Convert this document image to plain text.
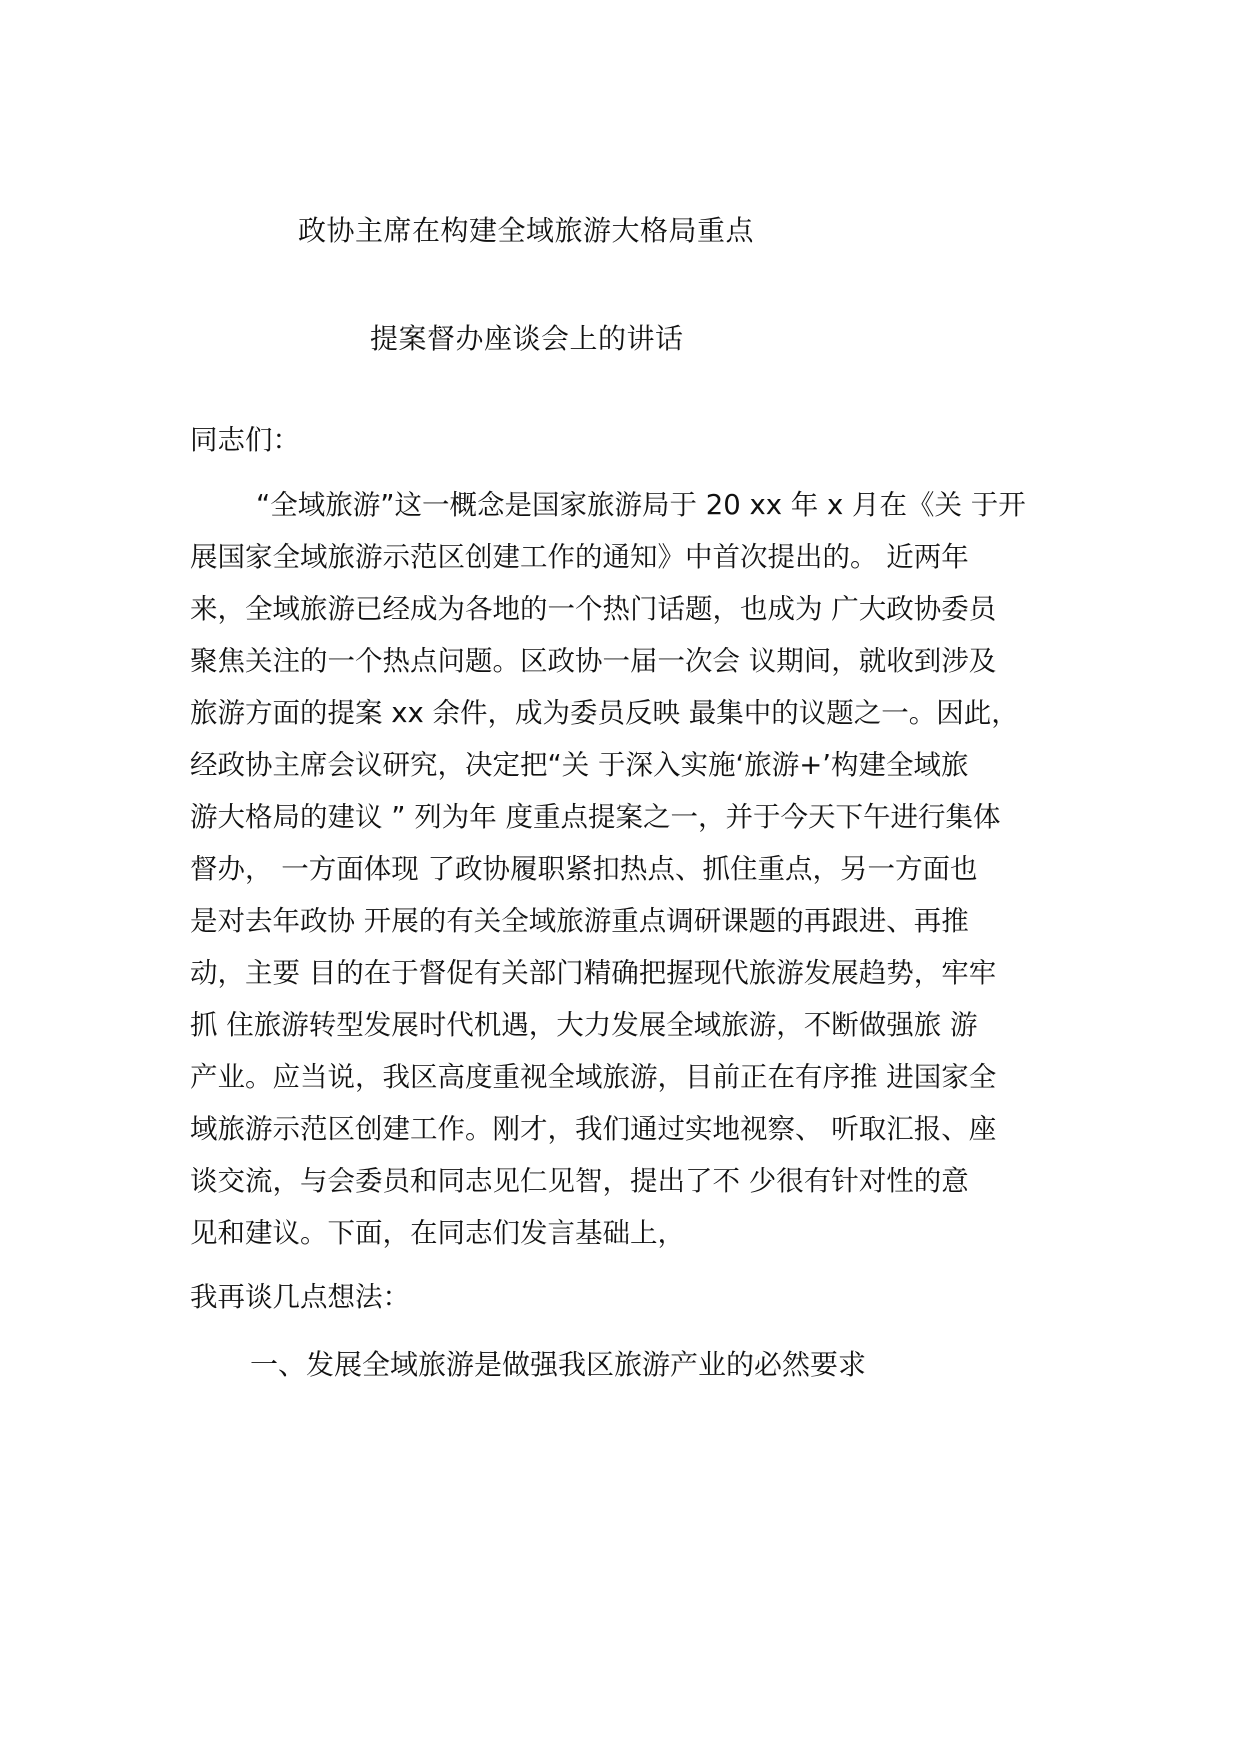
政协主席在构建全域旅游大格局重点
提案督办座谈会上的讲话
同志们：
“全域旅游”这一概念是国家旅游局于 20 xx 年 x 月在《关 于开
展国家全域旅游示范区创建工作的通知》中首次提出的。 近两年
来，全域旅游已经成为各地的一个热门话题，也成为 广大政协委员
聚焦关注的一个热点问题。区政协一届一次会 议期间，就收到涉及
旅游方面的提案 xx 余件，成为委员反映 最集中的议题之一。因此，
经政协主席会议研究，决定把“关 于深入实施‘旅游+’构建全域旅
游大格局的建议 ” 列为年 度重点提案之一，并于今天下午进行集体
督办， 一方面体现 了政协履职紧扣热点、抓住重点，另一方面也
是对去年政协 开展的有关全域旅游重点调研课题的再跟进、再推
动，主要 目的在于督促有关部门精确把握现代旅游发展趋势，牢牢
抓 住旅游转型发展时代机遇，大力发展全域旅游，不断做强旅 游
产业。应当说，我区高度重视全域旅游，目前正在有序推 进国家全
域旅游示范区创建工作。刚才，我们通过实地视察、 听取汇报、座
谈交流，与会委员和同志见仁见智，提出了不 少很有针对性的意
见和建议。下面，在同志们发言基础上，
我再谈几点想法：
一、发展全域旅游是做强我区旅游产业的必然要求
